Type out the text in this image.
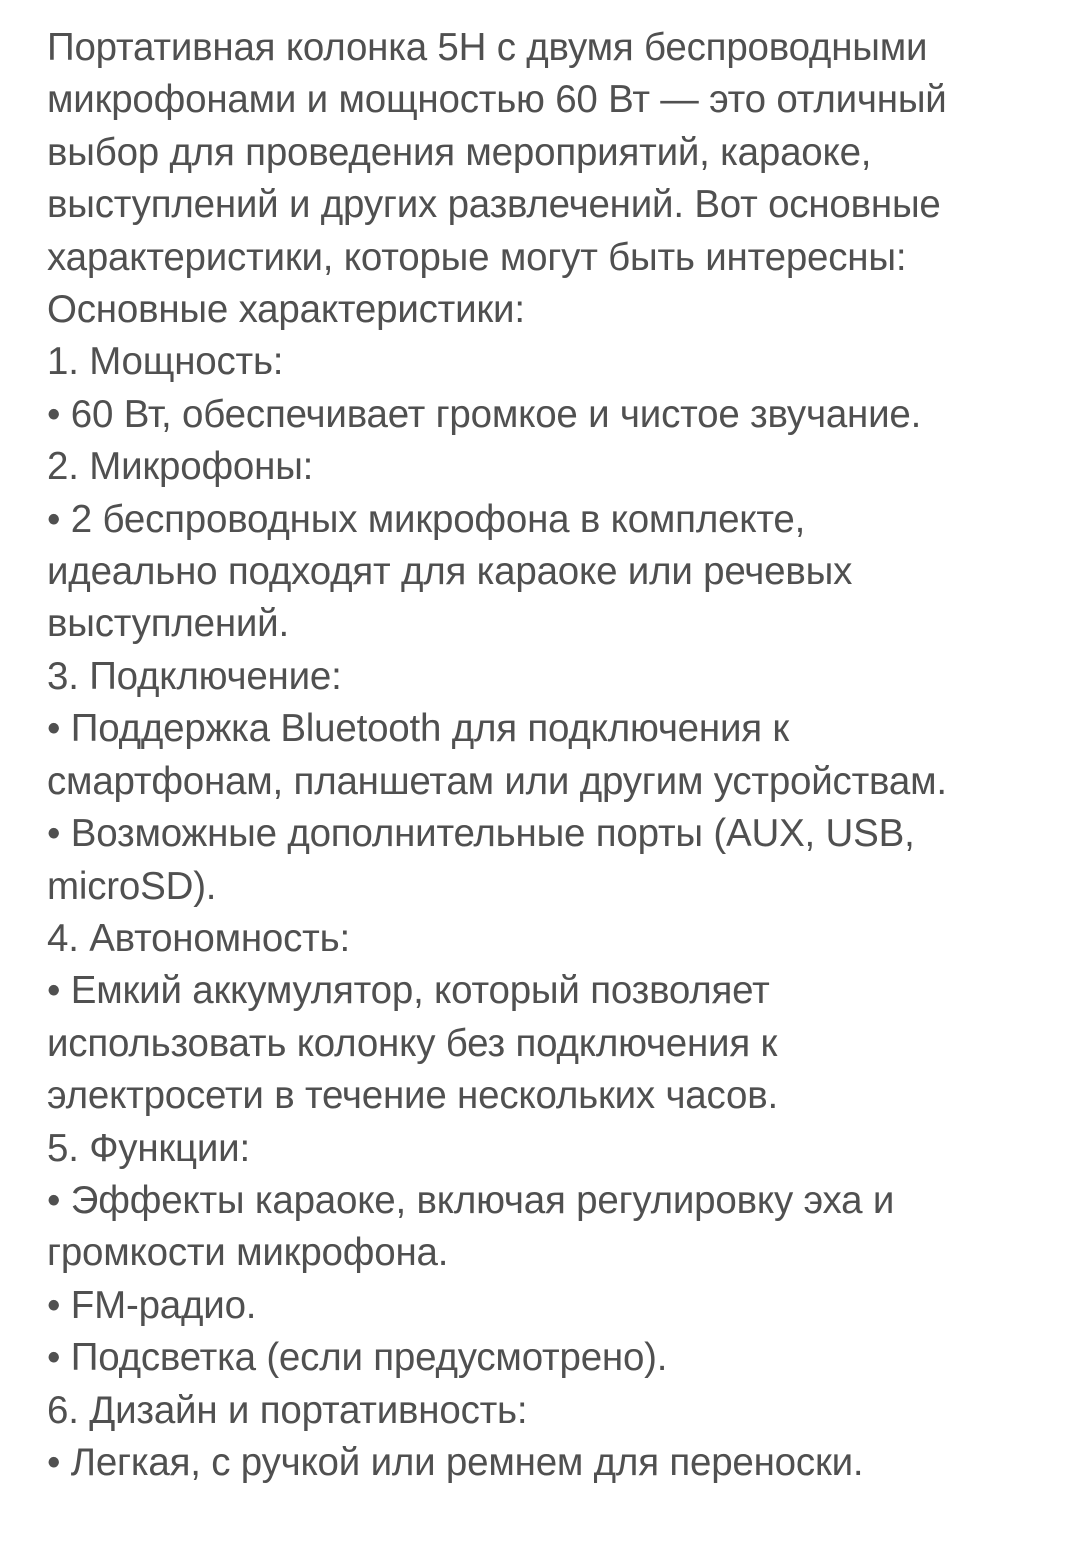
Портативная колонка 5Н с двумя беспроводными
микрофонами и мощностью 60 Вт — это отличный
выбор для проведения мероприятий, караоке,
выступлений и других развлечений. Вот основные
характеристики, которые могут быть интересны:
Основные характеристики:
1. Мощность:
• 60 Вт, обеспечивает громкое и чистое звучание.
2. Микрофоны:
• 2 беспроводных микрофона в комплекте,
идеально подходят для караоке или речевых
выступлений.
3. Подключение:
• Поддержка Bluetooth для подключения к
смартфонам, планшетам или другим устройствам.
• Возможные дополнительные порты (AUX, USB,
microSD).
4. Автономность:
• Емкий аккумулятор, который позволяет
использовать колонку без подключения к
электросети в течение нескольких часов.
5. Функции:
• Эффекты караоке, включая регулировку эха и
громкости микрофона.
• FM-радио.
• Подсветка (если предусмотрено).
6. Дизайн и портативность:
• Легкая, с ручкой или ремнем для переноски.
